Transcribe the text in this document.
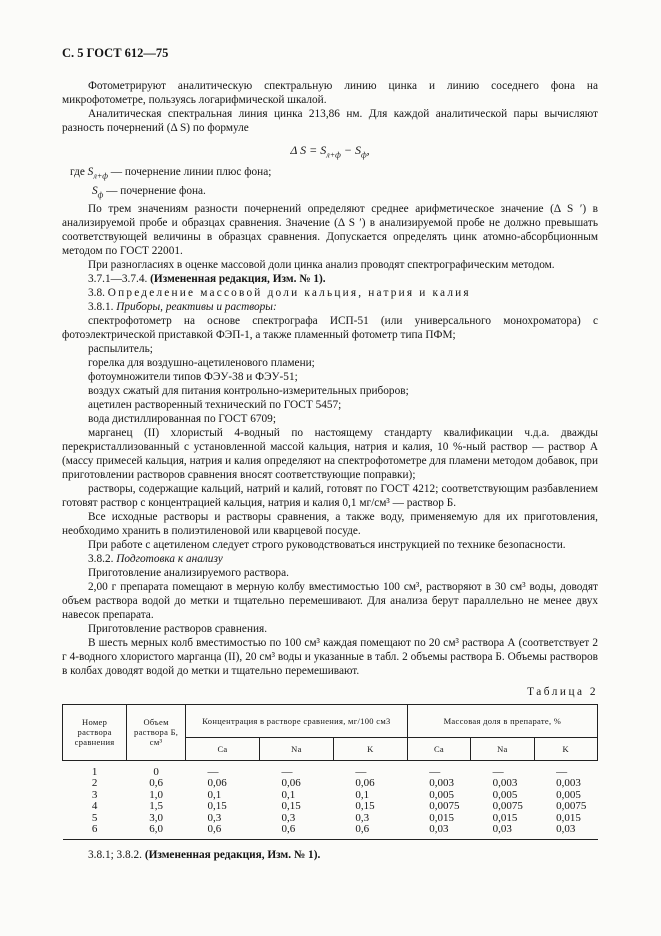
С. 5 ГОСТ 612—75

Фотометрируют аналитическую спектральную линию цинка и линию соседнего фона на микрофотометре, пользуясь логарифмической шкалой.

Аналитическая спектральная линия цинка 213,86 нм. Для каждой аналитической пары вычисляют разность почернений (Δ S) по формуле

Δ $S = S_{л+ф} - S_ф$,
где $S_{л+ф}$ — почернение линии плюс фона;
$S_ф$ — почернение фона.

По трем значениям разности почернений определяют среднее арифметическое значение (Δ S ′) в анализируемой пробе и образцах сравнения. Значение (Δ S ′) в анализируемой пробе не должно превышать соответствующей величины в образцах сравнения. Допускается определять цинк атомно-абсорбционным методом по ГОСТ 22001.

При разногласиях в оценке массовой доли цинка анализ проводят спектрографическим методом.

3.7.1—3.7.4. (Измененная редакция, Изм. № 1).

3.8. Определение массовой доли кальция, натрия и калия

3.8.1. Приборы, реактивы и растворы:

спектрофотометр на основе спектрографа ИСП-51 (или универсального монохроматора) с фотоэлектрической приставкой ФЭП-1, а также пламенный фотометр типа ПФМ;

распылитель;

горелка для воздушно-ацетиленового пламени;

фотоумножители типов ФЭУ-38 и ФЭУ-51;

воздух сжатый для питания контрольно-измерительных приборов;

ацетилен растворенный технический по ГОСТ 5457;

вода дистиллированная по ГОСТ 6709;

марганец (II) хлористый 4-водный по настоящему стандарту квалификации ч.д.а. дважды перекристаллизованный с установленной массой кальция, натрия и калия, 10 %-ный раствор — раствор А (массу примесей кальция, натрия и калия определяют на спектрофотометре для пламени методом добавок, при приготовлении растворов сравнения вносят соответствующие поправки);

растворы, содержащие кальций, натрий и калий, готовят по ГОСТ 4212; соответствующим разбавлением готовят раствор с концентрацией кальция, натрия и калия 0,1 мг/см³ — раствор Б.

Все исходные растворы и растворы сравнения, а также воду, применяемую для их приготовления, необходимо хранить в полиэтиленовой или кварцевой посуде.

При работе с ацетиленом следует строго руководствоваться инструкцией по технике безопасности.

3.8.2. Подготовка к анализу

Приготовление анализируемого раствора.

2,00 г препарата помещают в мерную колбу вместимостью 100 см³, растворяют в 30 см³ воды, доводят объем раствора водой до метки и тщательно перемешивают. Для анализа берут параллельно не менее двух навесок препарата.

Приготовление растворов сравнения.

В шесть мерных колб вместимостью по 100 см³ каждая помещают по 20 см³ раствора А (соответствует 2 г 4-водного хлористого марганца (II), 20 см³ воды и указанные в табл. 2 объемы раствора Б. Объемы растворов в колбах доводят водой до метки и тщательно перемешивают.

Таблица 2
Номер раствора сравнения	Объем раствора Б, см³	Концентрация в растворе сравнения, мг/100 см3			Массовая доля в препарате, %		
		Ca	Na	K	Ca	Na	K
1	0	—	—	—	—	—	—
2	0,6	0,06	0,06	0,06	0,003	0,003	0,003
3	1,0	0,1	0,1	0,1	0,005	0,005	0,005
4	1,5	0,15	0,15	0,15	0,0075	0,0075	0,0075
5	3,0	0,3	0,3	0,3	0,015	0,015	0,015
6	6,0	0,6	0,6	0,6	0,03	0,03	0,03

3.8.1; 3.8.2. (Измененная редакция, Изм. № 1).
